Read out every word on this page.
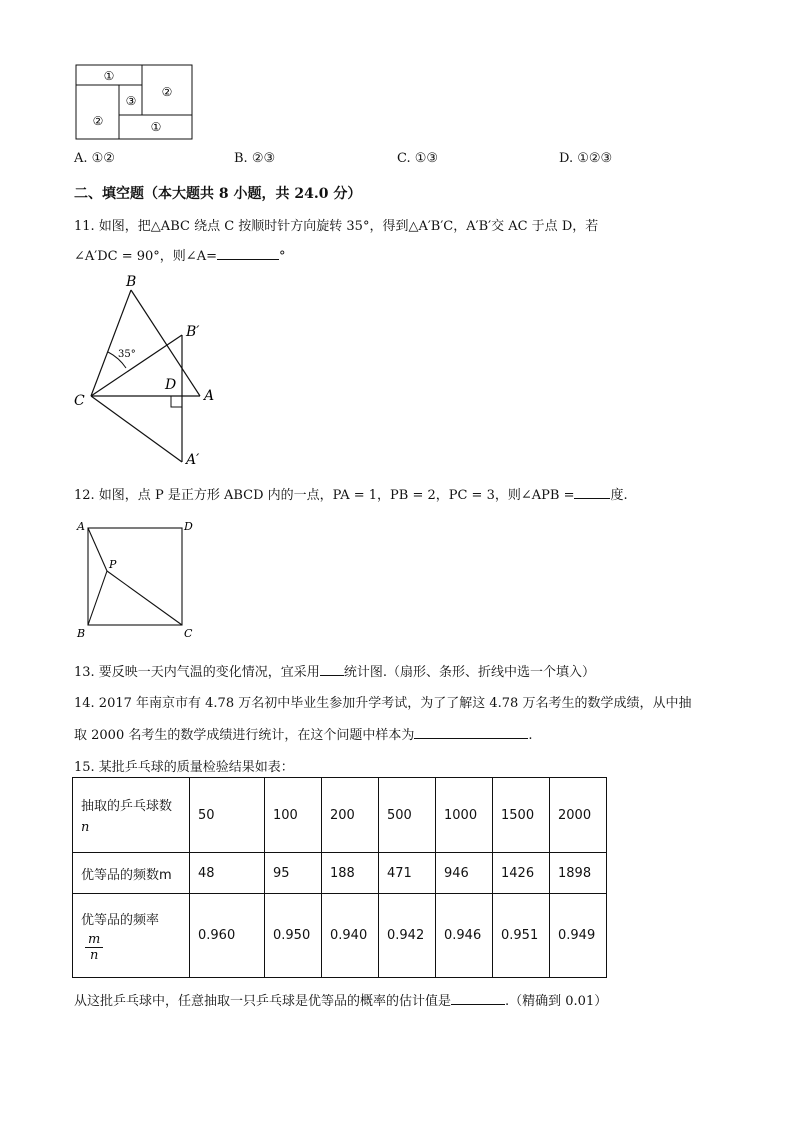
①
②
②
③
①
A. ①②	B. ②③	C. ①③	D. ①②③
二、填空题（本大题共 8 小题，共 24.0 分）
11. 如图，把△ABC 绕点 C 按顺时针方向旋转 35°，得到△A′B′C，A′B′交 AC 于点 D，若
∠A′DC = 90°，则∠A=	°
35°
B
B′
C
D
A
A′
12. 如图，点 P 是正方形 ABCD 内的一点，PA = 1，PB = 2，PC = 3，则∠APB =	度.
A	D
P
B	C
13. 要反映一天内气温的变化情况，宜采用 统计图.（扇形、条形、折线中选一个填入）
14. 2017 年南京市有 4.78 万名初中毕业生参加升学考试，为了了解这 4.78 万名考生的数学成绩，从中抽
取 2000 名考生的数学成绩进行统计，在这个问题中样本为	.
15. 某批乒乓球的质量检验结果如表：
抽取的乒乓球数
n	50	100	200	500	1000	1500	2000
优等品的频数m	48	95	188	471	946	1426	1898

优等品的频率
$\frac{m}{n}$	0.960	0.950	0.940	0.942	0.946	0.951	0.949
从这批乒乓球中，任意抽取一只乒乓球是优等品的概率的估计值是	.（精确到 0.01）
